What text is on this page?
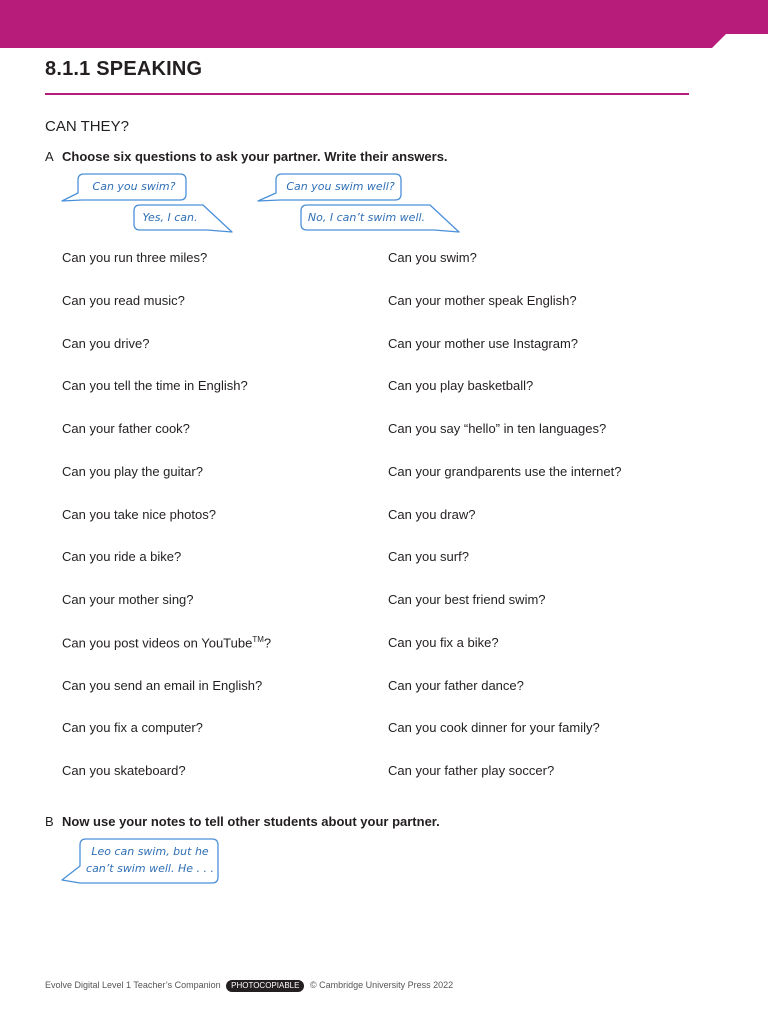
8.1.1 SPEAKING
CAN THEY?
A Choose six questions to ask your partner. Write their answers.
Can you swim?
Yes, I can.
Can you swim well?
No, I can’t swim well.
Can you run three miles?
Can you read music?
Can you drive?
Can you tell the time in English?
Can your father cook?
Can you play the guitar?
Can you take nice photos?
Can you ride a bike?
Can your mother sing?
Can you post videos on YouTube™?
Can you send an email in English?
Can you fix a computer?
Can you skateboard?
Can you swim?
Can your mother speak English?
Can your mother use Instagram?
Can you play basketball?
Can you say “hello” in ten languages?
Can your grandparents use the internet?
Can you draw?
Can you surf?
Can your best friend swim?
Can you fix a bike?
Can your father dance?
Can you cook dinner for your family?
Can your father play soccer?
B Now use your notes to tell other students about your partner.
Leo can swim, but he
can’t swim well. He . . .
Evolve Digital Level 1 Teacher’s Companion PHOTOCOPIABLE © Cambridge University Press 2022
